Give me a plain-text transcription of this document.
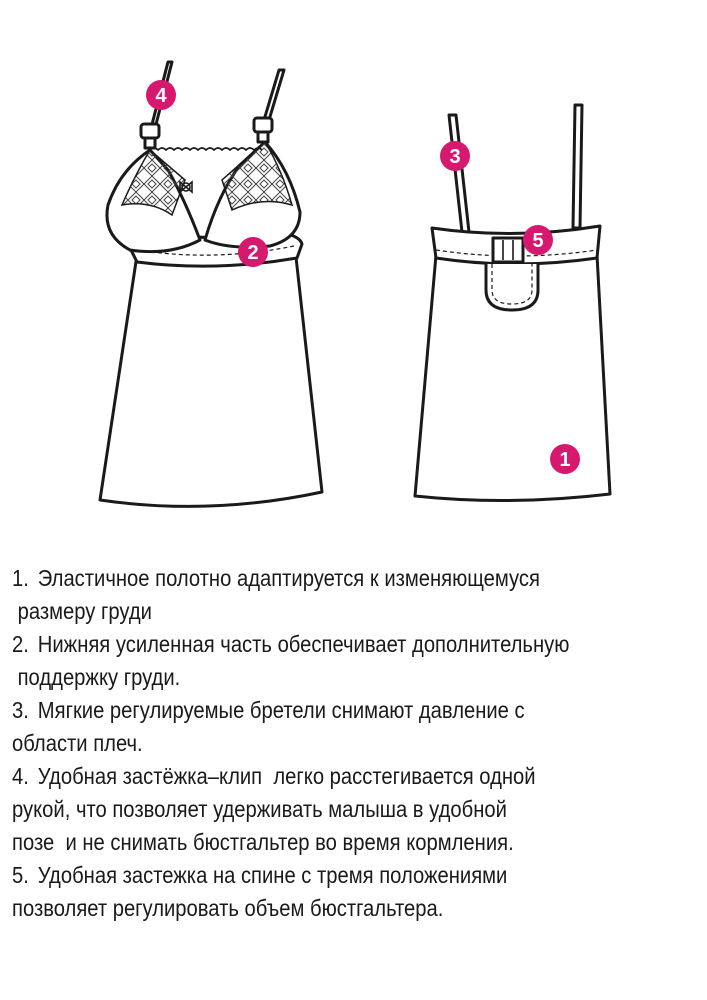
4
2
3
5
1
1. Эластичное полотно адаптируется к изменяющемуся
размеру груди
2. Нижняя усиленная часть обеспечивает дополнительную
поддержку груди.
3. Мягкие регулируемые бретели снимают давление с
области плеч.
4. Удобная застёжка–клип  легко расстегивается одной
рукой, что позволяет удерживать малыша в удобной
позе  и не снимать бюстгальтер во время кормления.
5. Удобная застежка на спине с тремя положениями
позволяет регулировать объем бюстгальтера.
